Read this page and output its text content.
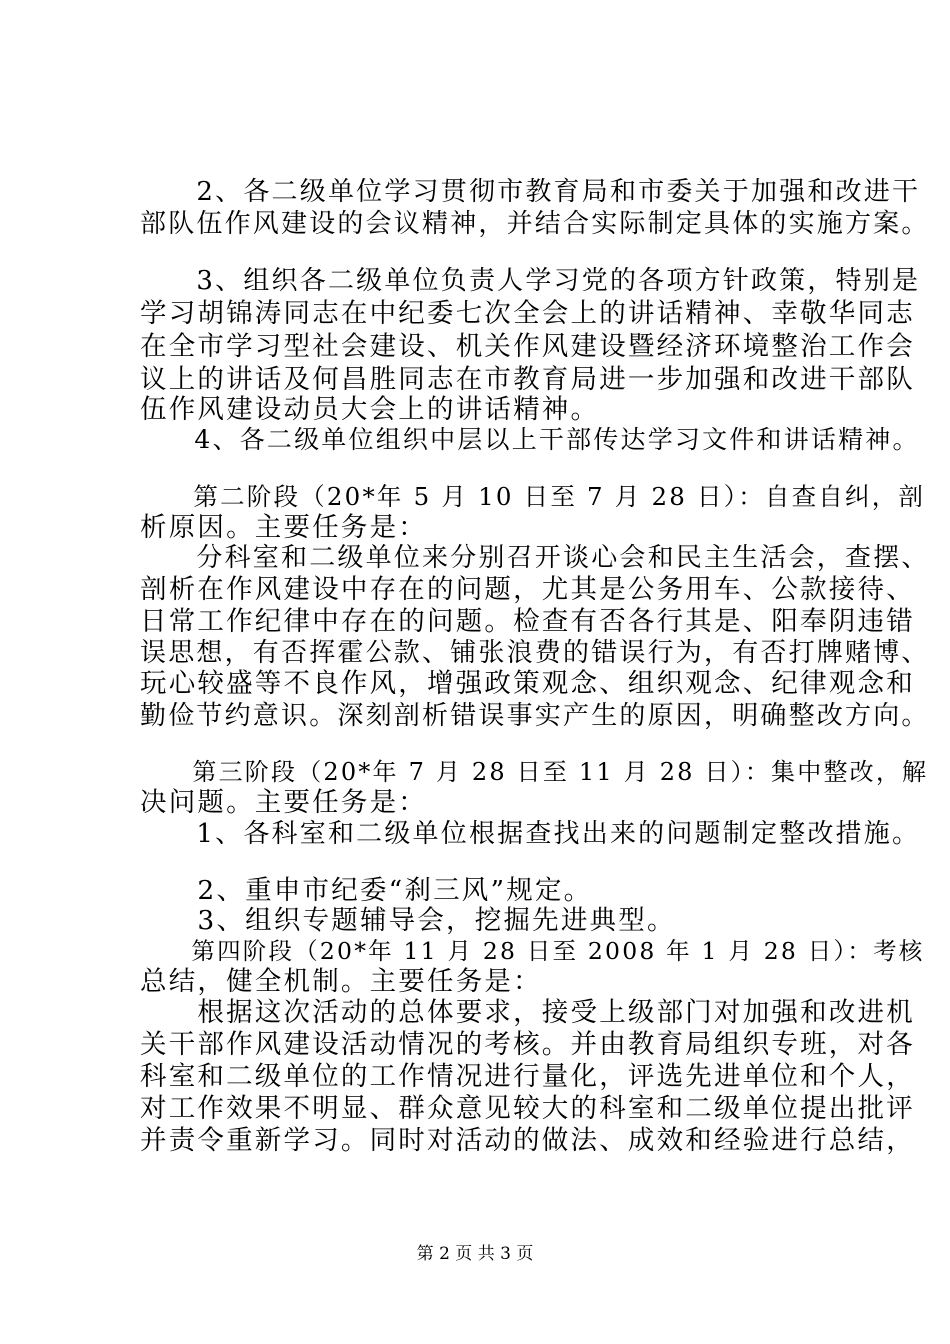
　　2、各二级单位学习贯彻市教育局和市委关于加强和改进干
部队伍作风建设的会议精神，并结合实际制定具体的实施方案。
　　3、组织各二级单位负责人学习党的各项方针政策，特别是
学习胡锦涛同志在中纪委七次全会上的讲话精神、幸敬华同志
在全市学习型社会建设、机关作风建设暨经济环境整治工作会
议上的讲话及何昌胜同志在市教育局进一步加强和改进干部队
伍作风建设动员大会上的讲话精神。
　　4、各二级单位组织中层以上干部传达学习文件和讲话精神。
　　第二阶段（20*年 5 月 10 日至 7 月 28 日）：自查自纠，剖
析原因。主要任务是：
　　分科室和二级单位来分别召开谈心会和民主生活会，查摆、
剖析在作风建设中存在的问题，尤其是公务用车、公款接待、
日常工作纪律中存在的问题。检查有否各行其是、阳奉阴违错
误思想，有否挥霍公款、铺张浪费的错误行为，有否打牌赌博、
玩心较盛等不良作风，增强政策观念、组织观念、纪律观念和
勤俭节约意识。深刻剖析错误事实产生的原因，明确整改方向。
　　第三阶段（20*年 7 月 28 日至 11 月 28 日）：集中整改，解
决问题。主要任务是：
　　1、各科室和二级单位根据查找出来的问题制定整改措施。
　　2、重申市纪委“刹三风”规定。
　　3、组织专题辅导会，挖掘先进典型。
　　第四阶段（20*年 11 月 28 日至 2008 年 1 月 28 日）：考核
总结，健全机制。主要任务是：
　　根据这次活动的总体要求，接受上级部门对加强和改进机
关干部作风建设活动情况的考核。并由教育局组织专班，对各
科室和二级单位的工作情况进行量化，评选先进单位和个人，
对工作效果不明显、群众意见较大的科室和二级单位提出批评
并责令重新学习。同时对活动的做法、成效和经验进行总结，
第 2 页 共 3 页
